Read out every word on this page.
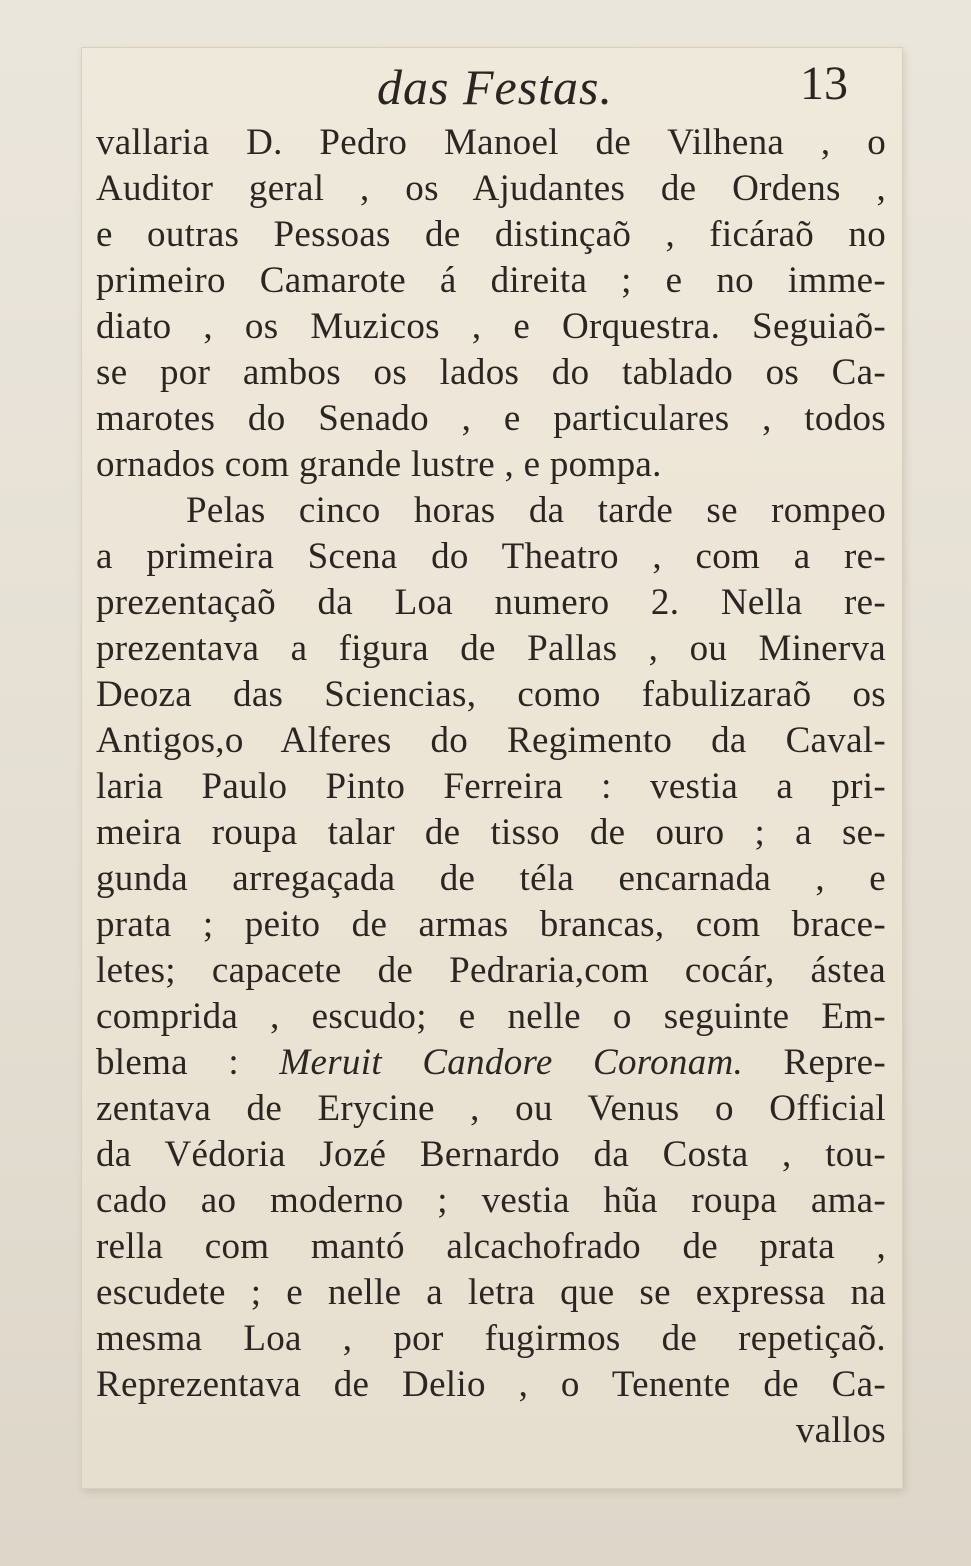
das Festas.	13
vallaria D. Pedro Manoel de Vilhena , o
Auditor geral , os Ajudantes de Ordens ,
e outras Pessoas de distinçaõ , ficáraõ no
primeiro Camarote á direita ; e no imme-
diato , os Muzicos , e Orquestra. Seguiaõ-
se por ambos os lados do tablado os Ca-
marotes do Senado , e particulares , todos
ornados com grande lustre , e pompa.
Pelas cinco horas da tarde se rompeo
a primeira Scena do Theatro , com a re-
prezentaçaõ da Loa numero 2. Nella re-
prezentava a figura de Pallas , ou Minerva
Deoza das Sciencias, como fabulizaraõ os
Antigos,o Alferes do Regimento da Caval-
laria Paulo Pinto Ferreira : vestia a pri-
meira roupa talar de tisso de ouro ; a se-
gunda arregaçada de téla encarnada , e
prata ; peito de armas brancas, com brace-
letes; capacete de Pedraria,com cocár, ástea
comprida , escudo; e nelle o seguinte Em-
blema : Meruit Candore Coronam. Repre-
zentava de Erycine , ou Venus o Official
da Védoria Jozé Bernardo da Costa , tou-
cado ao moderno ; vestia hũa roupa ama-
rella com mantó alcachofrado de prata ,
escudete ; e nelle a letra que se expressa na
mesma Loa , por fugirmos de repetiçaõ.
Reprezentava de Delio , o Tenente de Ca-
vallos
